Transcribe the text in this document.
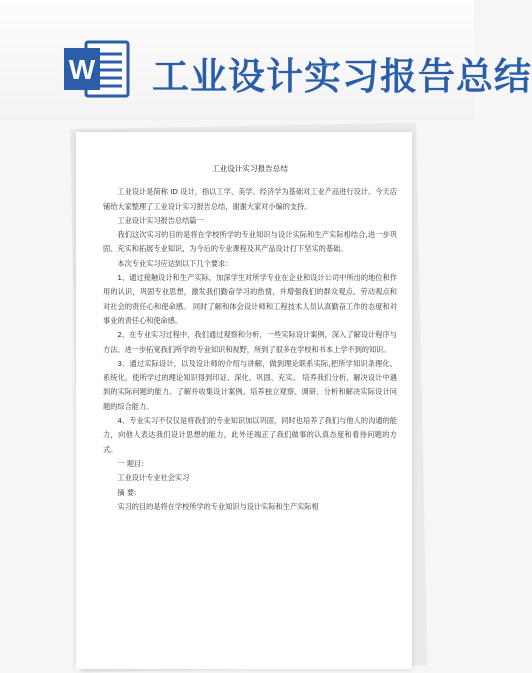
W 工业设计实习报告总结
工业设计实习报告总结

工业设计是简称 ID 设计，指以工学、美学、经济学为基础对工业产品进行设计。今天店铺给大家整理了工业设计实习报告总结，谢谢大家对小编的支持。

工业设计实习报告总结篇一

我们这次实习的目的是将在学校所学的专业知识与设计实际和生产实际相结合,进一步巩固、充实和拓展专业知识，为今后的专业课程及其产品设计打下坚实的基础。

本次专业实习应达到以下几个要求：

1、通过接触设计和生产实际，加深学生对所学专业在企业和设计公司中所出的地位和作用的认识，巩固专业思想，激发我们勤奋学习的热情，并增强我们的群众观点、劳动观点和对社会的责任心和使命感。 同时了解和体会设计师和工程技术人员认真勤奋工作的态度和对事业的责任心和使命感。

2、在专业实习过程中，我们通过观察和分析，一些实际设计案例，深入了解设计程序与方法。进一步拓宽我们所学的专业知识和视野，所到了很多在学校和书本上学不到的知识。

3、通过实际设计，以及设计师的介绍与讲解，做到理论联系实际,把所学知识条理化、系统化，使所学过的理论知识得到印证、深化、巩固、充实。 培养我们分析、解决设计中遇到的实际问题的能力。了解并收集设计案例。培养独立观察、调研、分析和解决实际设计问题的综合能力。

4、专业实习不仅仅是将我们的专业知识加以巩固，同时也培养了我们与他人的沟通的能力，向他人表达我们设计思想的能力，此外还端正了我们做事的认真态度和看待问题的方式。

一 题目:

工业设计专业社会实习

摘 要:

实习的目的是将在学校所学的专业知识与设计实际和生产实际相
